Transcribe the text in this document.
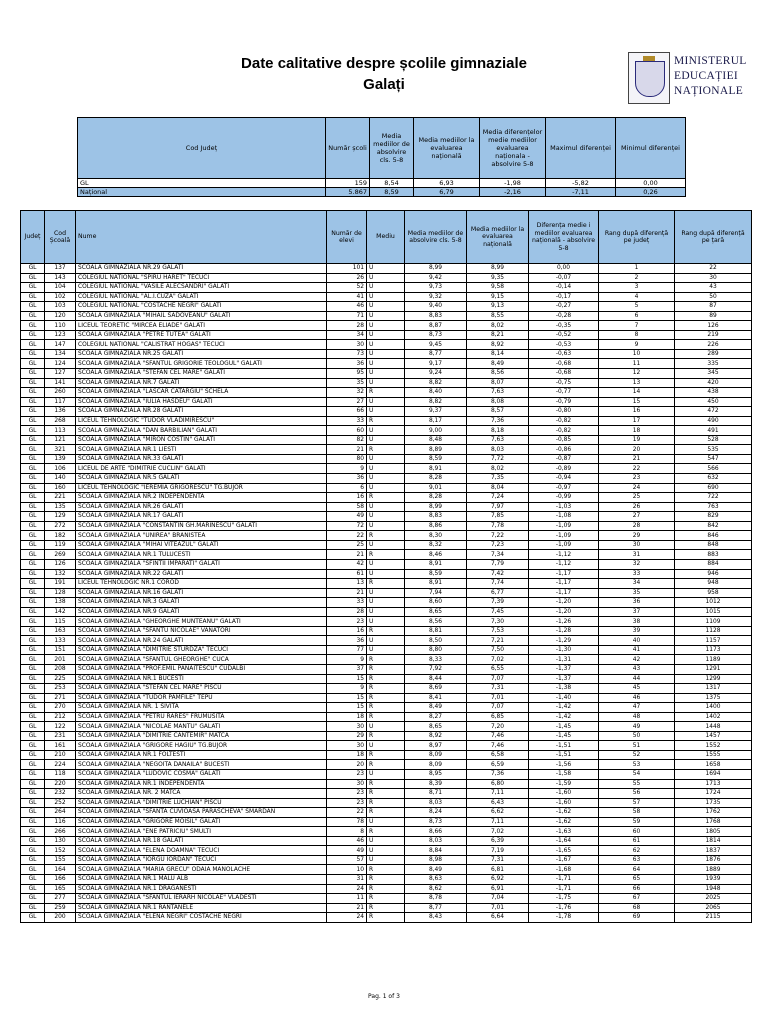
Date calitative despre școlile gimnaziale
Galați
MINISTERUL
EDUCAȚIEI
NAȚIONALE
Cod Județ	Număr școli	Media mediilor de absolvire cls. 5-8	Media mediilor la evaluarea națională	Media diferențelor medie mediilor evaluarea naționala - absolvire 5-8	Maximul diferenței	Minimul diferenței
GL	159	8,54	6,93	-1,98	-5,82	0,00
Național	5.867	8,59	6,79	-2,16	-7,11	0,26
Județ	Cod Școală	Nume	Număr de elevi	Mediu	Media mediilor de absolvire cls. 5-8	Media mediilor la evaluarea națională	Diferența medie i mediilor evaluarea națională - absolvire 5-8	Rang după diferență pe județ	Rang după diferență pe țară
GL	137	SCOALA GIMNAZIALA NR.29 GALATI	101	U	8,99	8,99	0,00	1	22
GL	143	COLEGIUL NATIONAL "SPIRU HARET" TECUCI	26	U	9,42	9,35	-0,07	2	30
GL	104	COLEGIUL NATIONAL "VASILE ALECSANDRI" GALATI	52	U	9,73	9,58	-0,14	3	43
GL	102	COLEGIUL NATIONAL "AL.I.CUZA" GALATI	41	U	9,32	9,15	-0,17	4	50
GL	103	COLEGIUL NATIONAL "COSTACHE NEGRI" GALATI	46	U	9,40	9,13	-0,27	5	87
GL	120	SCOALA GIMNAZIALA "MIHAIL SADOVEANU" GALATI	71	U	8,83	8,55	-0,28	6	89
GL	110	LICEUL TEORETIC "MIRCEA ELIADE" GALATI	28	U	8,87	8,02	-0,35	7	126
GL	123	SCOALA GIMNAZIALA "PETRE TUTEA" GALATI	34	U	8,73	8,21	-0,52	8	219
GL	147	COLEGIUL NATIONAL "CALISTRAT HOGAS" TECUCI	30	U	9,45	8,92	-0,53	9	226
GL	134	SCOALA GIMNAZIALA NR.25 GALATI	73	U	8,77	8,14	-0,63	10	289
GL	124	SCOALA GIMNAZIALA "SFANTUL GRIGORIE TEOLOGUL" GALATI	36	U	9,17	8,49	-0,68	11	335
GL	127	SCOALA GIMNAZIALA "STEFAN CEL MARE" GALATI	95	U	9,24	8,56	-0,68	12	345
GL	141	SCOALA GIMNAZIALA NR.7 GALATI	35	U	8,82	8,07	-0,75	13	420
GL	260	SCOALA GIMNAZIALA "LASCAR CATARGIU" SCHELA	32	R	8,40	7,63	-0,77	14	438
GL	117	SCOALA GIMNAZIALA "IULIA HASDEU" GALATI	27	U	8,82	8,08	-0,79	15	450
GL	136	SCOALA GIMNAZIALA NR.28 GALATI	66	U	9,37	8,57	-0,80	16	472
GL	268	LICEUL TEHNOLOGIC "TUDOR VLADIMIRESCU"	33	R	8,17	7,36	-0,82	17	490
GL	113	SCOALA GIMNAZIALA "DAN BARBILIAN" GALATI	60	U	9,00	8,18	-0,82	18	491
GL	121	SCOALA GIMNAZIALA "MIRON COSTIN" GALATI	82	U	8,48	7,63	-0,85	19	528
GL	321	SCOALA GIMNAZIALA NR.1 LIESTI	21	R	8,89	8,03	-0,86	20	535
GL	139	SCOALA GIMNAZIALA NR.33 GALATI	80	U	8,59	7,72	-0,87	21	547
GL	106	LICEUL DE ARTE "DIMITRIE CUCLIN" GALATI	9	U	8,91	8,02	-0,89	22	566
GL	140	SCOALA GIMNAZIALA NR.5 GALATI	36	U	8,28	7,35	-0,94	23	632
GL	160	LICEUL TEHNOLOGIC "IEREMIA GRIGORESCU" TG.BUJOR	6	U	9,01	8,04	-0,97	24	690
GL	221	SCOALA GIMNAZIALA NR.2 INDEPENDENTA	16	R	8,28	7,24	-0,99	25	722
GL	135	SCOALA GIMNAZIALA NR.26 GALATI	58	U	8,99	7,97	-1,03	26	763
GL	129	SCOALA GIMNAZIALA NR.17 GALATI	49	U	8,83	7,85	-1,08	27	829
GL	272	SCOALA GIMNAZIALA "CONSTANTIN GH.MARINESCU" GALATI	72	U	8,86	7,78	-1,09	28	842
GL	182	SCOALA GIMNAZIALA "UNIREA" BRANISTEA	22	R	8,30	7,22	-1,09	29	846
GL	119	SCOALA GIMNAZIALA "MIHAI VITEAZUL" GALATI	25	U	8,32	7,23	-1,09	30	848
GL	269	SCOALA GIMNAZIALA NR.1 TULUCESTI	21	R	8,46	7,34	-1,12	31	883
GL	126	SCOALA GIMNAZIALA "SFINTII IMPARATI" GALATI	42	U	8,91	7,79	-1,12	32	884
GL	132	SCOALA GIMNAZIALA NR.22 GALATI	61	U	8,59	7,42	-1,17	33	946
GL	191	LICEUL TEHNOLOGIC NR.1 COROD	13	R	8,91	7,74	-1,17	34	948
GL	128	SCOALA GIMNAZIALA NR.16 GALATI	21	U	7,94	6,77	-1,17	35	958
GL	138	SCOALA GIMNAZIALA NR.3 GALATI	33	U	8,60	7,39	-1,20	36	1012
GL	142	SCOALA GIMNAZIALA NR.9 GALATI	28	U	8,65	7,45	-1,20	37	1015
GL	115	SCOALA GIMNAZIALA "GHEORGHE MUNTEANU" GALATI	23	U	8,56	7,30	-1,26	38	1109
GL	163	SCOALA GIMNAZIALA "SFANTU NICOLAE" VANATORI	16	R	8,81	7,53	-1,28	39	1128
GL	133	SCOALA GIMNAZIALA NR.24 GALATI	36	U	8,50	7,21	-1,29	40	1157
GL	151	SCOALA GIMNAZIALA "DIMITRIE STURDZA" TECUCI	77	U	8,80	7,50	-1,30	41	1173
GL	201	SCOALA GIMNAZIALA "SFANTUL GHEORGHE" CUCA	9	R	8,33	7,02	-1,31	42	1189
GL	208	SCOALA GIMNAZIALA "PROF.EMIL PANAITESCU" CUDALBI	37	R	7,92	6,55	-1,37	43	1291
GL	225	SCOALA GIMNAZIALA NR.1 BUCESTI	15	R	8,44	7,07	-1,37	44	1299
GL	253	SCOALA GIMNAZIALA "STEFAN CEL MARE" PISCU	9	R	8,69	7,31	-1,38	45	1317
GL	271	SCOALA GIMNAZIALA "TUDOR PAMFILE" TEPU	15	R	8,41	7,01	-1,40	46	1375
GL	270	SCOALA GIMNAZIALA NR. 1 SIVITA	15	R	8,49	7,07	-1,42	47	1400
GL	212	SCOALA GIMNAZIALA "PETRU RARES" FRUMUSITA	18	R	8,27	6,85	-1,42	48	1402
GL	122	SCOALA GIMNAZIALA "NICOLAE MANTU" GALATI	30	U	8,65	7,20	-1,45	49	1448
GL	231	SCOALA GIMNAZIALA "DIMITRIE CANTEMIR" MATCA	29	R	8,92	7,46	-1,45	50	1457
GL	161	SCOALA GIMNAZIALA "GRIGORE HAGIU" TG.BUJOR	30	U	8,97	7,46	-1,51	51	1552
GL	210	SCOALA GIMNAZIALA NR.1 FOLTESTI	18	R	8,09	6,58	-1,51	52	1555
GL	224	SCOALA GIMNAZIALA "NEGOITA DANAILA" BUCESTI	20	R	8,09	6,59	-1,56	53	1658
GL	118	SCOALA GIMNAZIALA "LUDOVIC COSMA" GALATI	23	U	8,95	7,36	-1,58	54	1694
GL	220	SCOALA GIMNAZIALA NR.1 INDEPENDENTA	30	R	8,39	6,80	-1,59	55	1713
GL	232	SCOALA GIMNAZIALA NR. 2 MATCA	23	R	8,71	7,11	-1,60	56	1724
GL	252	SCOALA GIMNAZIALA "DIMITRIE LUCHIAN" PISCU	23	R	8,03	6,43	-1,60	57	1735
GL	264	SCOALA GIMNAZIALA "SFANTA CUVIOASA PARASCHEVA" SMARDAN	22	R	8,24	6,62	-1,62	58	1762
GL	116	SCOALA GIMNAZIALA "GRIGORE MOISIL" GALATI	78	U	8,73	7,11	-1,62	59	1768
GL	266	SCOALA GIMNAZIALA "ENE PATRICIU" SMULTI	8	R	8,66	7,02	-1,63	60	1805
GL	130	SCOALA GIMNAZIALA NR.18 GALATI	46	U	8,03	6,39	-1,64	61	1814
GL	152	SCOALA GIMNAZIALA "ELENA DOAMNA" TECUCI	49	U	8,84	7,19	-1,65	62	1837
GL	155	SCOALA GIMNAZIALA "IORGU IORDAN" TECUCI	57	U	8,98	7,31	-1,67	63	1876
GL	164	SCOALA GIMNAZIALA "MARIA GRECU" ODAIA MANOLACHE	10	R	8,49	6,81	-1,68	64	1889
GL	166	SCOALA GIMNAZIALA NR.1 MALU ALB	31	R	8,63	6,92	-1,71	65	1939
GL	165	SCOALA GIMNAZIALA NR.1 DRAGANESTI	24	R	8,62	6,91	-1,71	66	1948
GL	277	SCOALA GIMNAZIALA "SFANTUL IERARH NICOLAE" VLADESTI	11	R	8,78	7,04	-1,75	67	2025
GL	259	SCOALA GIMNAZIALA NR.1 RANTANELE	21	R	8,77	7,01	-1,76	68	2065
GL	200	SCOALA GIMNAZIALA "ELENA NEGRI" COSTACHE NEGRI	24	R	8,43	6,64	-1,78	69	2115
Pag. 1 of 3
